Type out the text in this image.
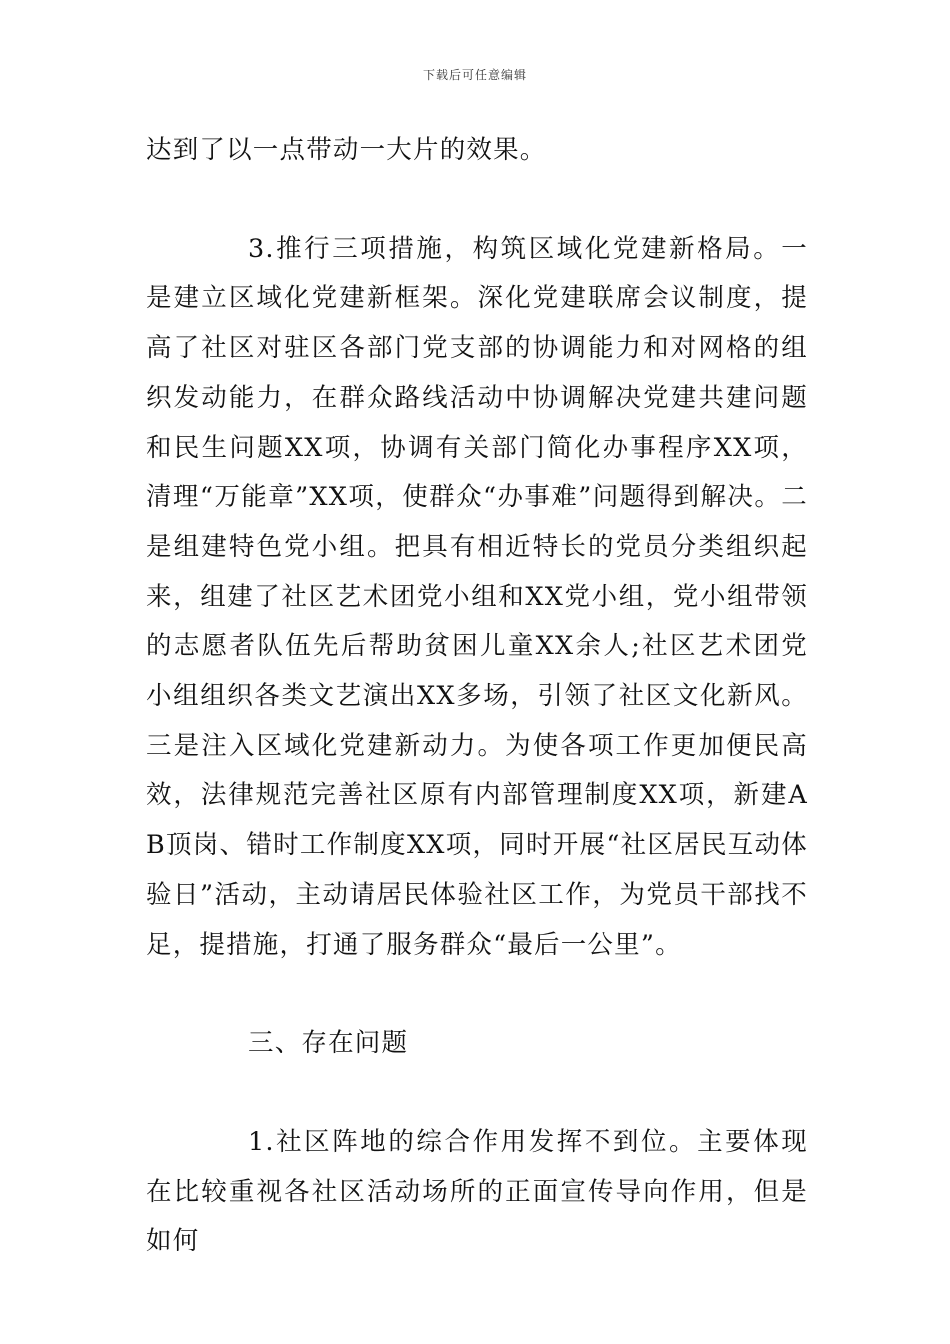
下载后可任意编辑

达到了以一点带动一大片的效果。

3.推行三项措施，构筑区域化党建新格局。一是建立区域化党建新框架。深化党建联席会议制度，提高了社区对驻区各部门党支部的协调能力和对网格的组织发动能力，在群众路线活动中协调解决党建共建问题和民生问题XX项，协调有关部门简化办事程序XX项，清理“万能章”XX项，使群众“办事难”问题得到解决。二是组建特色党小组。把具有相近特长的党员分类组织起来，组建了社区艺术团党小组和XX党小组，党小组带领的志愿者队伍先后帮助贫困儿童XX余人;社区艺术团党小组组织各类文艺演出XX多场，引领了社区文化新风。三是注入区域化党建新动力。为使各项工作更加便民高效，法律规范完善社区原有内部管理制度XX项，新建AB顶岗、错时工作制度XX项，同时开展“社区居民互动体验日”活动，主动请居民体验社区工作，为党员干部找不足，提措施，打通了服务群众“最后一公里”。

三、存在问题

1.社区阵地的综合作用发挥不到位。主要体现在比较重视各社区活动场所的正面宣传导向作用，但是如何
